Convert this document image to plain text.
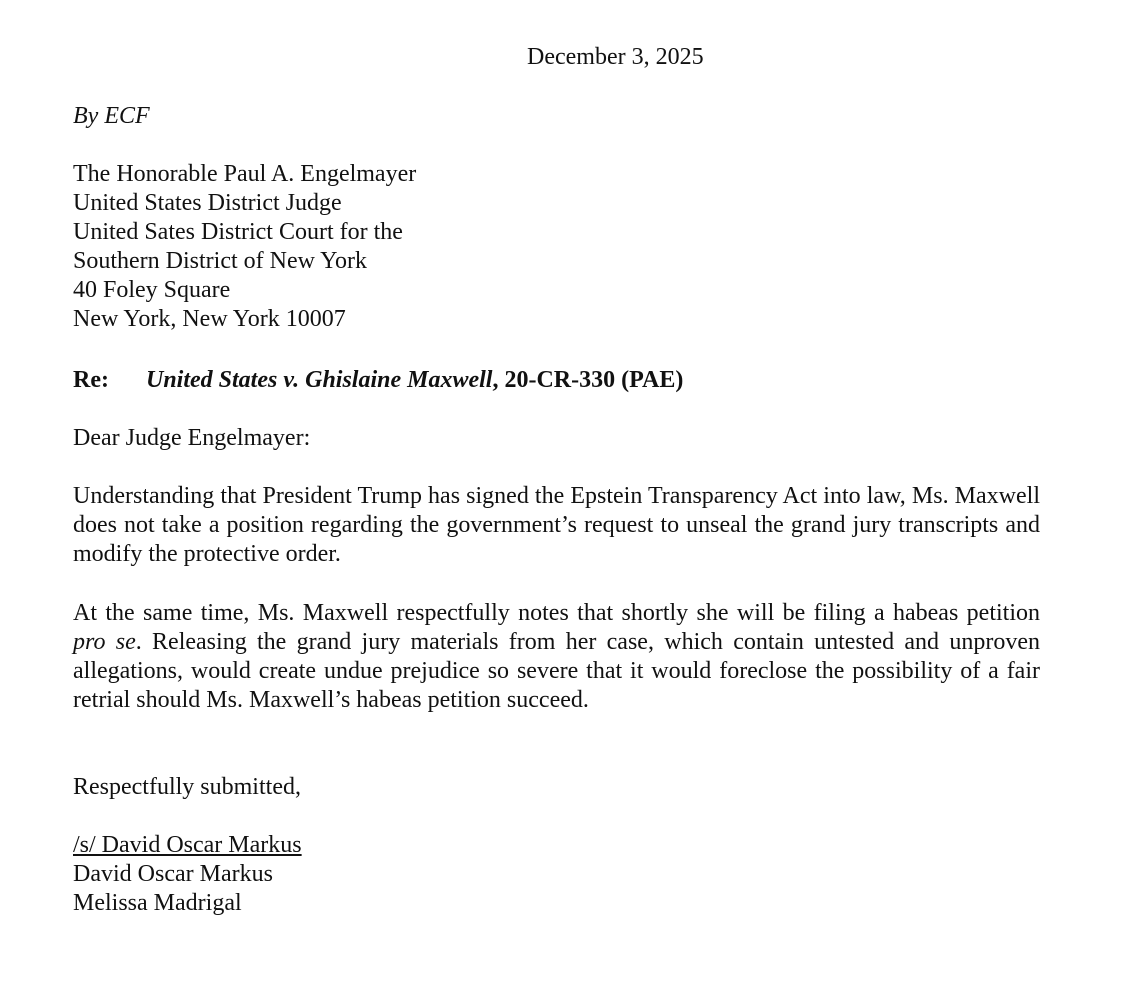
December 3, 2025
By ECF
The Honorable Paul A. Engelmayer
United States District Judge
United Sates District Court for the
Southern District of New York
40 Foley Square
New York, New York 10007
Re: United States v. Ghislaine Maxwell, 20-CR-330 (PAE)
Dear Judge Engelmayer:

Understanding that President Trump has signed the Epstein Transparency Act into law, Ms. Maxwell does not take a position regarding the government’s request to unseal the grand jury transcripts and modify the protective order.

At the same time, Ms. Maxwell respectfully notes that shortly she will be filing a habeas petition pro se. Releasing the grand jury materials from her case, which contain untested and unproven allegations, would create undue prejudice so severe that it would foreclose the possibility of a fair retrial should Ms. Maxwell’s habeas petition succeed.

Respectfully submitted,
/s/ David Oscar Markus
David Oscar Markus
Melissa Madrigal
